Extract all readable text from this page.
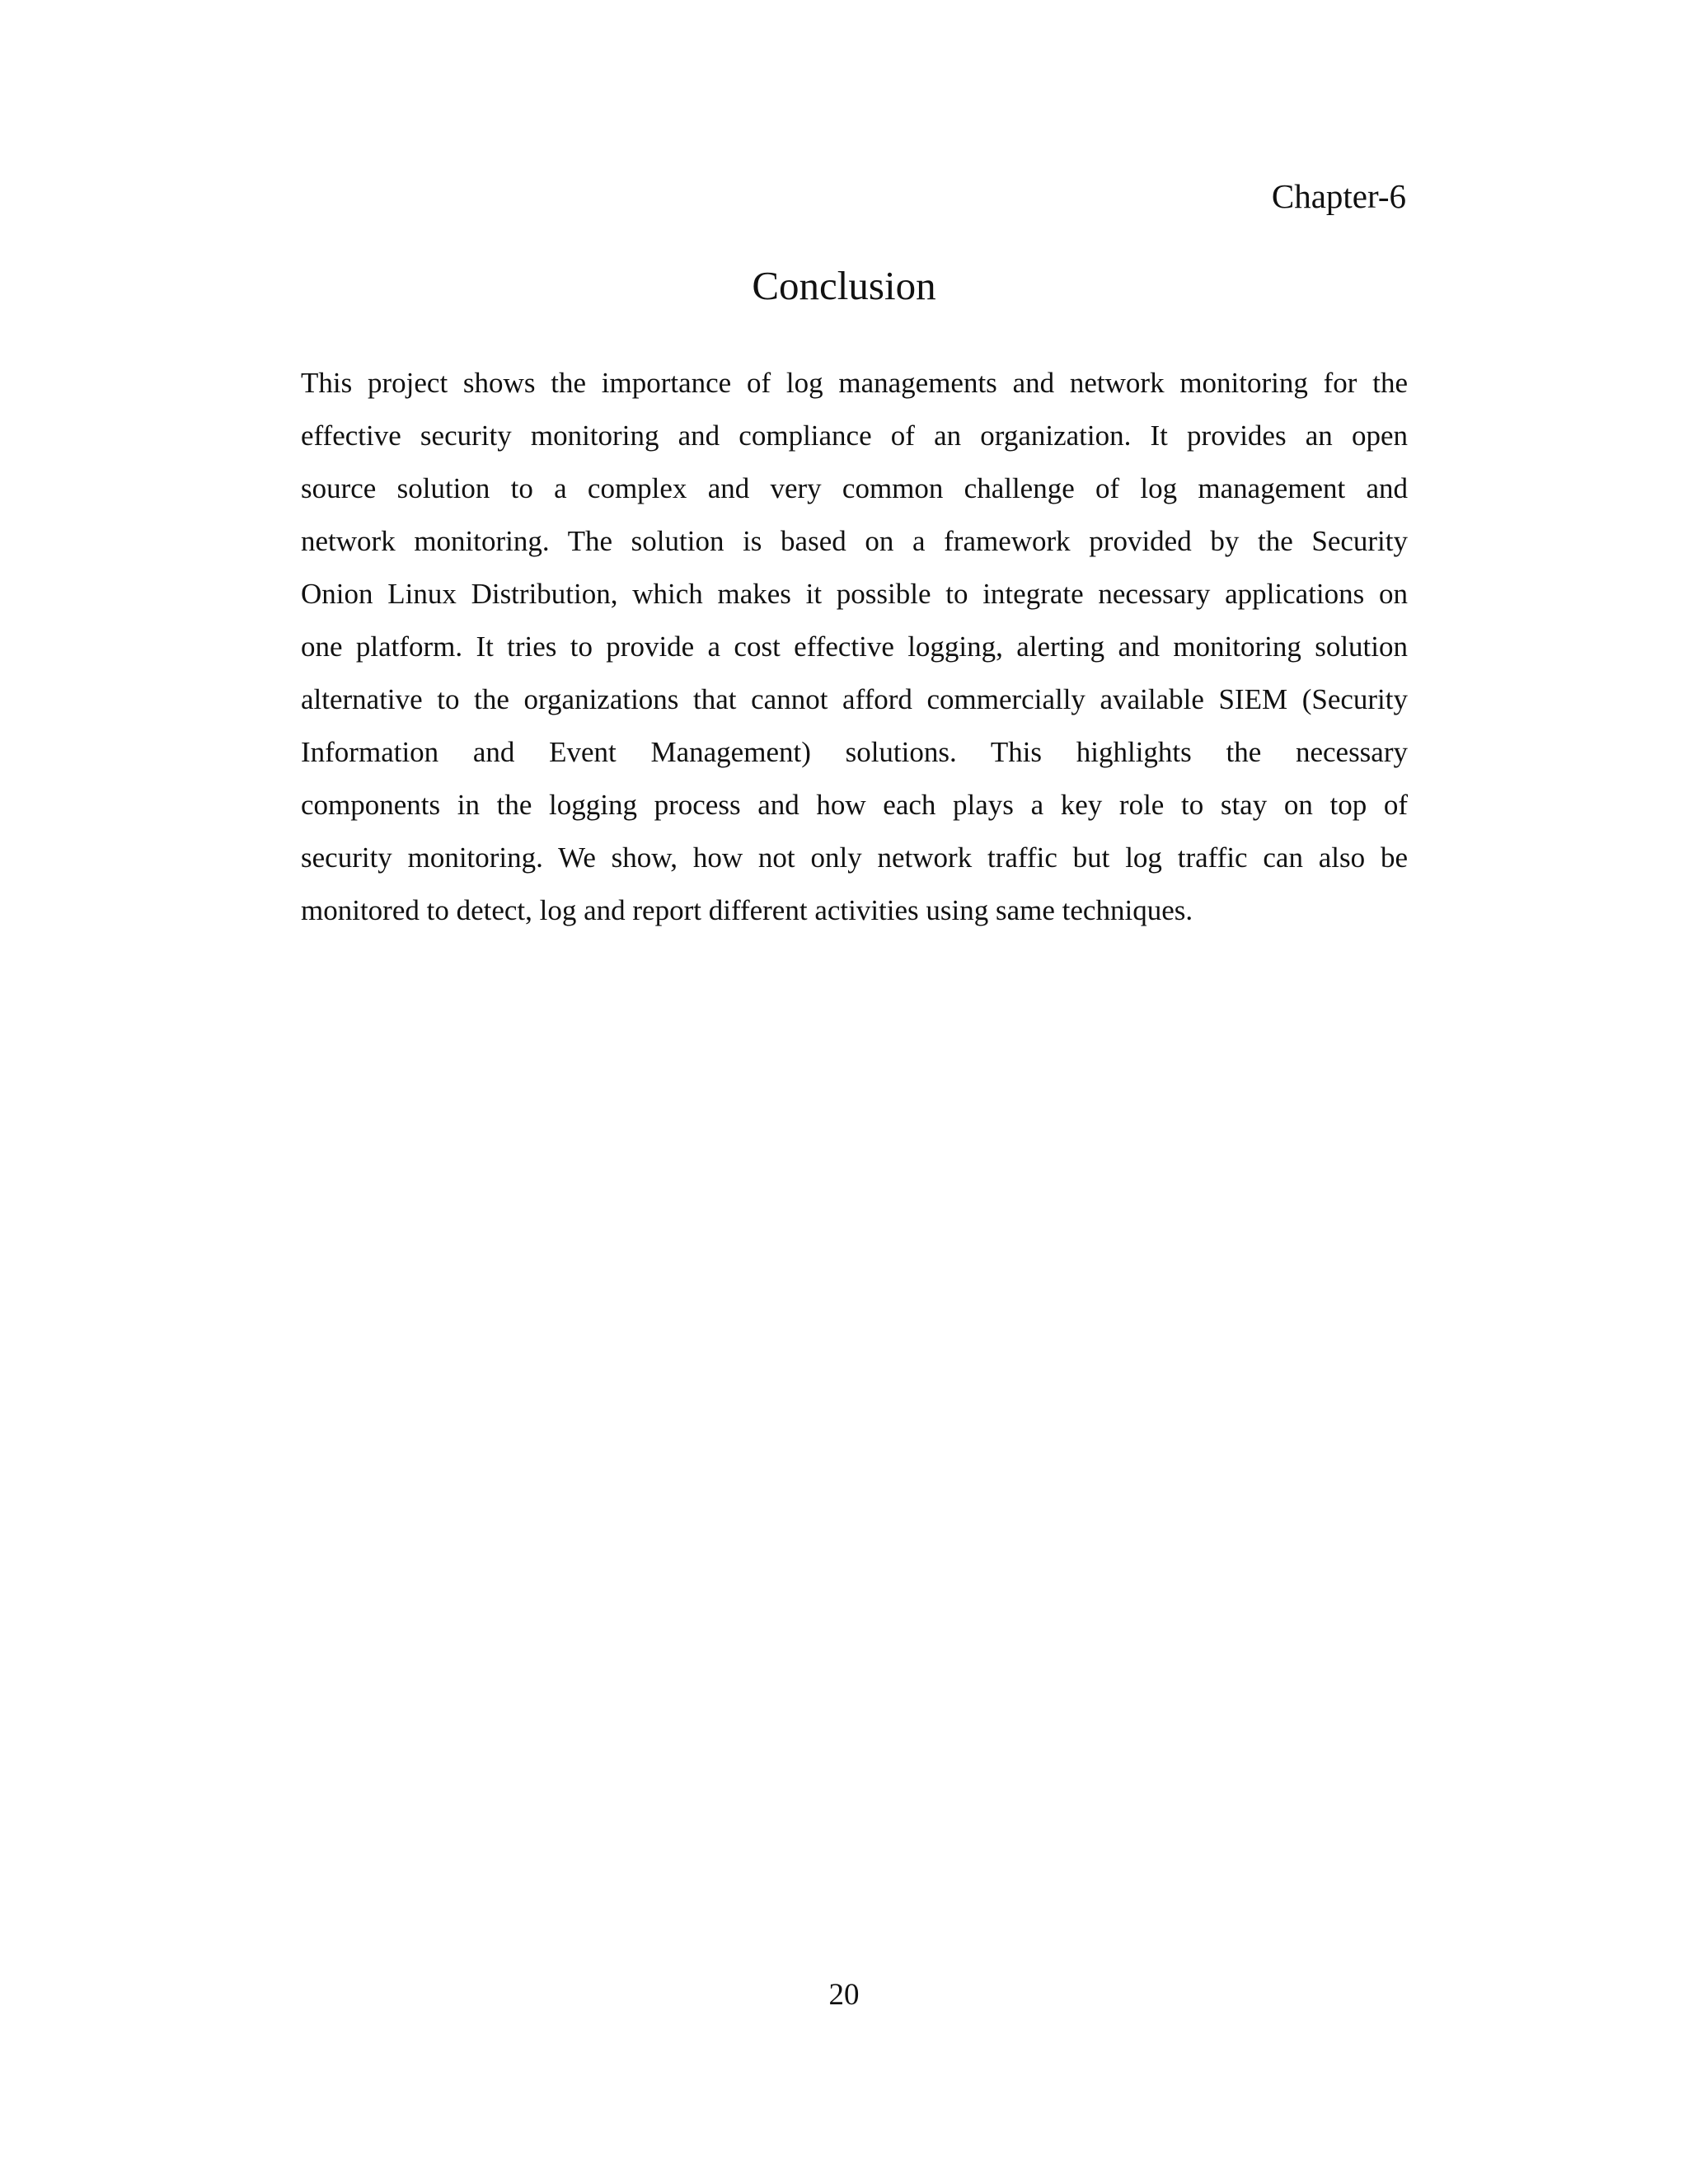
Chapter-6
Conclusion

This project shows the importance of log managements and network monitoring for the
effective security monitoring and compliance of an organization. It provides an open
source solution to a complex and very common challenge of log management and
network monitoring. The solution is based on a framework provided by the Security
Onion Linux Distribution, which makes it possible to integrate necessary applications on
one platform. It tries to provide a cost effective logging, alerting and monitoring solution
alternative to the organizations that cannot afford commercially available SIEM (Security
Information and Event Management) solutions. This highlights the necessary
components in the logging process and how each plays a key role to stay on top of
security monitoring. We show, how not only network traffic but log traffic can also be
monitored to detect, log and report different activities using same techniques.

20
